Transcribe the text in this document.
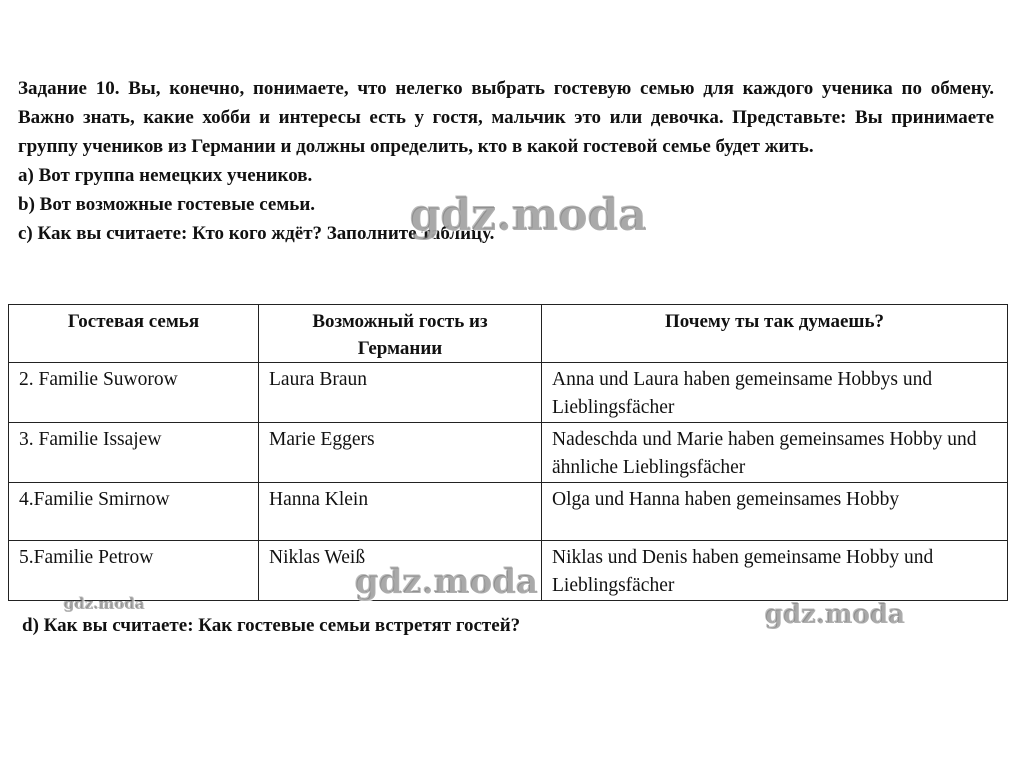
Задание 10. Вы, конечно, понимаете, что нелегко выбрать гостевую семью для каждого ученика по обмену. Важно знать, какие хобби и интересы есть у гостя, мальчик это или девочка. Представьте: Вы принимаете группу учеников из Германии и должны определить, кто в какой гостевой семье будет жить.

а) Вот группа немецких учеников.

b) Вот возможные гостевые семьи.

с) Как вы считаете: Кто кого ждёт? Заполните таблицу.

Гостевая семья	Возможный гость из Германии	Почему ты так думаешь?
2. Familie Suworow	Laura Braun	Anna und Laura haben gemeinsame Hobbys und Lieblingsfächer
3. Familie Issajew	Marie Eggers	Nadeschda und Marie haben gemeinsames Hobby und ähnliche Lieblingsfächer
4.Familie Smirnow	Hanna Klein	Olga und Hanna haben gemeinsames Hobby
5.Familie Petrow	Niklas Weiß	Niklas und Denis haben gemeinsame Hobby und Lieblingsfächer
d) Как вы считаете: Как гостевые семьи встретят гостей?
gdz.moda
gdz.moda
gdz.moda	gdz.moda
